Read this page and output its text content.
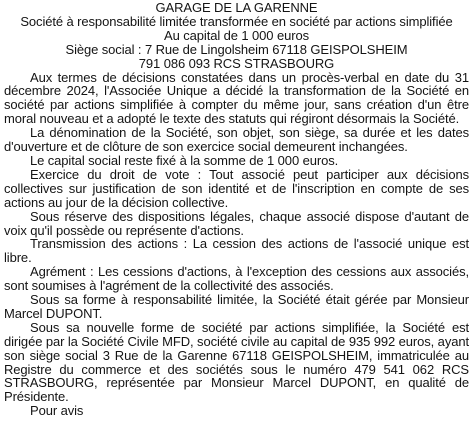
GARAGE DE LA GARENNE

Société à responsabilité limitée transformée en société par actions simplifiée

Au capital de 1 000 euros

Siège social : 7 Rue de Lingolsheim 67118 GEISPOLSHEIM

791 086 093 RCS STRASBOURG

Aux termes de décisions constatées dans un procès-verbal en date du 31 décembre 2024, l'Associée Unique a décidé la transformation de la Société en société par actions simplifiée à compter du même jour, sans création d'un être moral nouveau et a adopté le texte des statuts qui régiront désormais la Société.

La dénomination de la Société, son objet, son siège, sa durée et les dates d'ouverture et de clôture de son exercice social demeurent inchangées.

Le capital social reste fixé à la somme de 1 000 euros.

Exercice du droit de vote : Tout associé peut participer aux décisions collectives sur justification de son identité et de l'inscription en compte de ses actions au jour de la décision collective.

Sous réserve des dispositions légales, chaque associé dispose d'autant de voix qu'il possède ou représente d'actions.

Transmission des actions : La cession des actions de l'associé unique est libre.

Agrément : Les cessions d'actions, à l'exception des cessions aux associés, sont soumises à l'agrément de la collectivité des associés.

Sous sa forme à responsabilité limitée, la Société était gérée par Monsieur Marcel DUPONT.

Sous sa nouvelle forme de société par actions simplifiée, la Société est dirigée par la Société Civile MFD, société civile au capital de 935 992 euros, ayant son siège social 3 Rue de la Garenne 67118 GEISPOLSHEIM, immatriculée au Registre du commerce et des sociétés sous le numéro 479 541 062 RCS STRASBOURG, représentée par Monsieur Marcel DUPONT, en qualité de Présidente.

Pour avis
